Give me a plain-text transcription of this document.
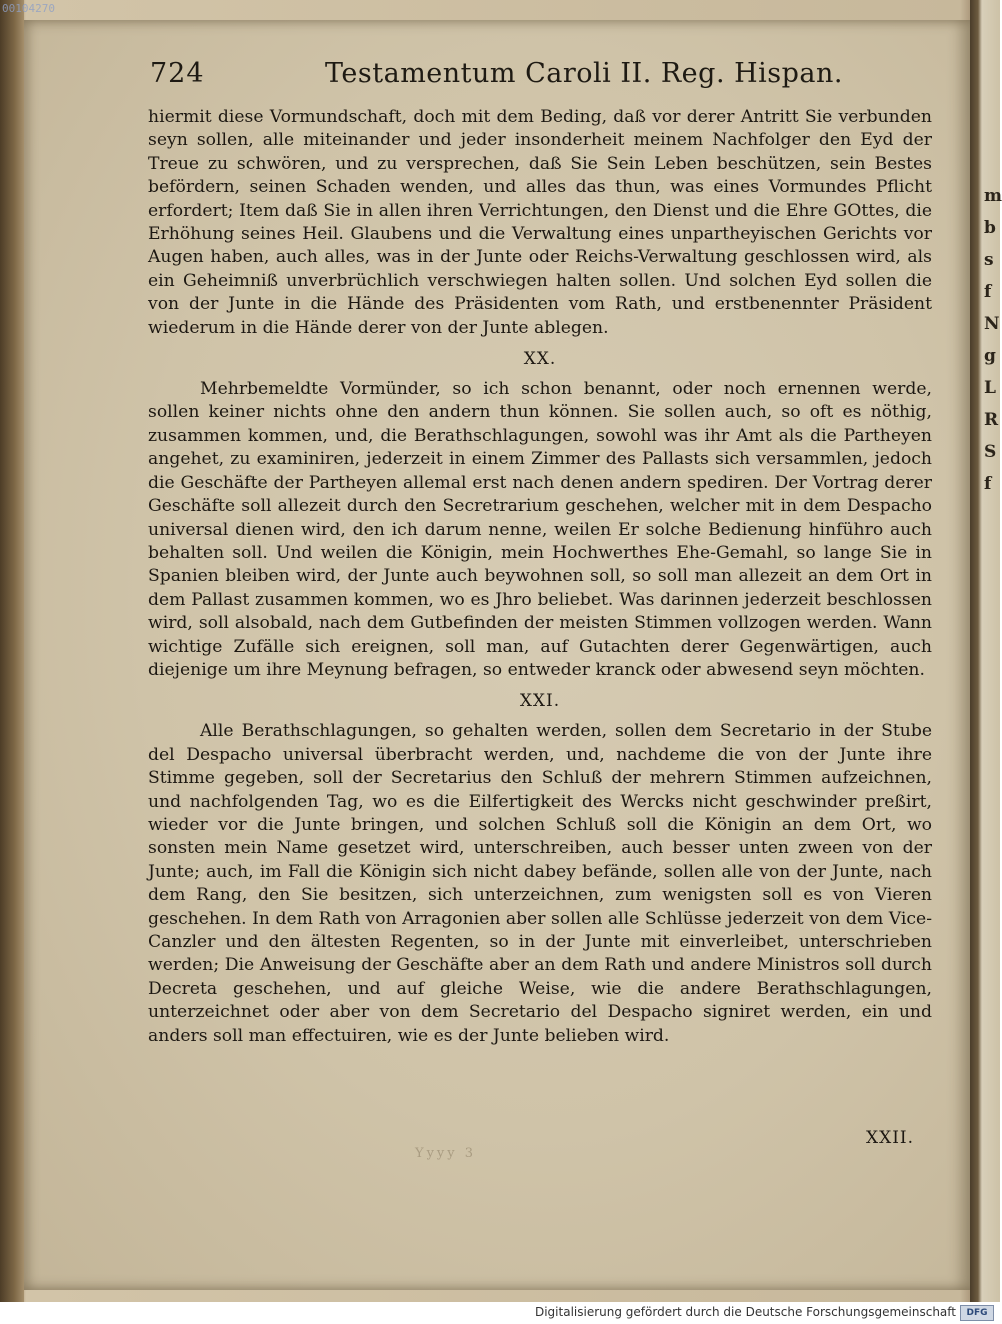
00104270
m
b
s
f
N
g
L
R
S
f
724	Testamentum Caroli II. Reg. Hispan.

hiermit diese Vormundschaft, doch mit dem Beding, daß vor derer Antritt Sie verbunden seyn sollen, alle miteinander und jeder insonderheit meinem Nachfolger den Eyd der Treue zu schwören, und zu versprechen, daß Sie Sein Leben beschützen, sein Bestes befördern, seinen Schaden wenden, und alles das thun, was eines Vormundes Pflicht erfordert; Item daß Sie in allen ihren Verrichtungen, den Dienst und die Ehre GOttes, die Erhöhung seines Heil. Glaubens und die Verwaltung eines unpartheyischen Gerichts vor Augen haben, auch alles, was in der Junte oder Reichs-Verwaltung geschlossen wird, als ein Geheimniß unverbrüchlich verschwiegen halten sollen. Und solchen Eyd sollen die von der Junte in die Hände des Präsidenten vom Rath, und erstbenennter Präsident wiederum in die Hände derer von der Junte ablegen.

XX.

Mehrbemeldte Vormünder, so ich schon benannt, oder noch ernennen werde, sollen keiner nichts ohne den andern thun können. Sie sollen auch, so oft es nöthig, zusammen kommen, und, die Berathschlagungen, sowohl was ihr Amt als die Partheyen angehet, zu examiniren, jederzeit in einem Zimmer des Pallasts sich versammlen, jedoch die Geschäfte der Partheyen allemal erst nach denen andern spediren. Der Vortrag derer Geschäfte soll allezeit durch den Secretrarium geschehen, welcher mit in dem Despacho universal dienen wird, den ich darum nenne, weilen Er solche Bedienung hinführo auch behalten soll. Und weilen die Königin, mein Hochwerthes Ehe-Gemahl, so lange Sie in Spanien bleiben wird, der Junte auch beywohnen soll, so soll man allezeit an dem Ort in dem Pallast zusammen kommen, wo es Jhro beliebet. Was darinnen jederzeit beschlossen wird, soll alsobald, nach dem Gutbefinden der meisten Stimmen vollzogen werden. Wann wichtige Zufälle sich ereignen, soll man, auf Gutachten derer Gegenwärtigen, auch diejenige um ihre Meynung befragen, so entweder kranck oder abwesend seyn möchten.

XXI.

Alle Berathschlagungen, so gehalten werden, sollen dem Secretario in der Stube del Despacho universal überbracht werden, und, nachdeme die von der Junte ihre Stimme gegeben, soll der Secretarius den Schluß der mehrern Stimmen aufzeichnen, und nachfolgenden Tag, wo es die Eilfertigkeit des Wercks nicht geschwinder preßirt, wieder vor die Junte bringen, und solchen Schluß soll die Königin an dem Ort, wo sonsten mein Name gesetzet wird, unterschreiben, auch besser unten zween von der Junte; auch, im Fall die Königin sich nicht dabey befände, sollen alle von der Junte, nach dem Rang, den Sie besitzen, sich unterzeichnen, zum wenigsten soll es von Vieren geschehen. In dem Rath von Arragonien aber sollen alle Schlüsse jederzeit von dem Vice-Canzler und den ältesten Regenten, so in der Junte mit einverleibet, unterschrieben werden; Die Anweisung der Geschäfte aber an dem Rath und andere Ministros soll durch Decreta geschehen, und auf gleiche Weise, wie die andere Berathschlagungen, unterzeichnet oder aber von dem Secretario del Despacho signiret werden, ein und anders soll man effectuiren, wie es der Junte belieben wird.

XXII.
Yyyy 3
Digitalisierung gefördert durch die Deutsche Forschungsgemeinschaft	DFG
